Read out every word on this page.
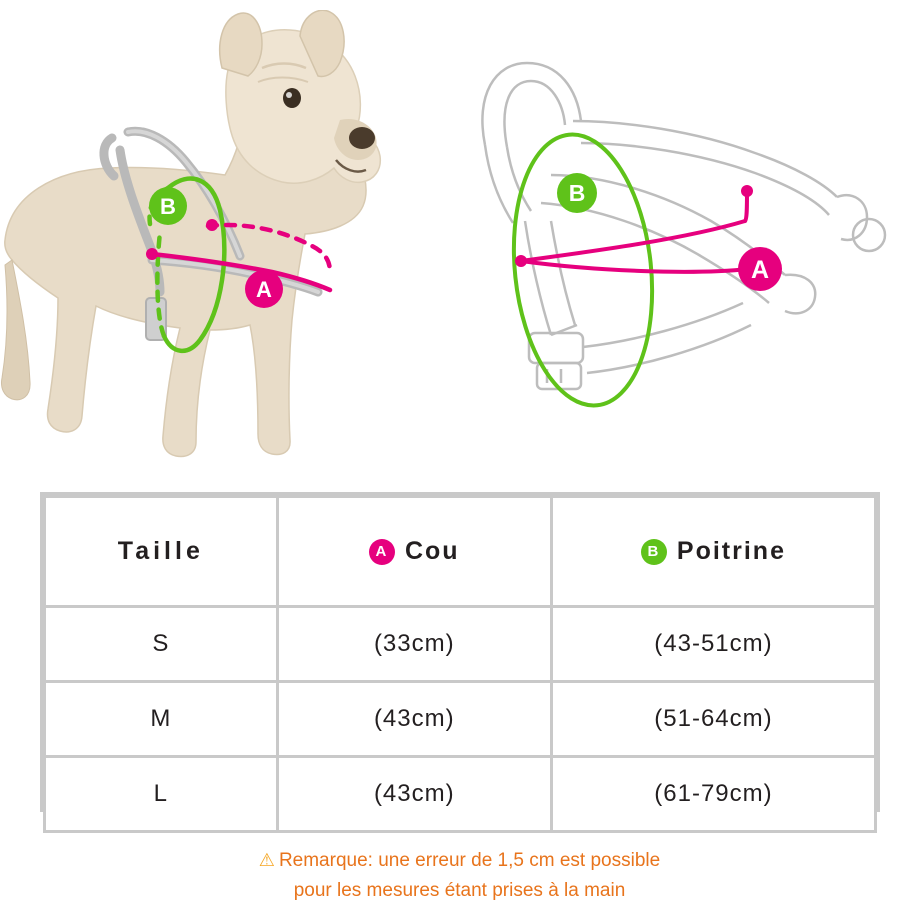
B
A
B
A
Taille	A Cou	B Poitrine

S	(33cm)	(43-51cm)
M	(43cm)	(51-64cm)
L	(43cm)	(61-79cm)
⚠ Remarque: une erreur de 1,5 cm est possible
pour les mesures étant prises à la main
